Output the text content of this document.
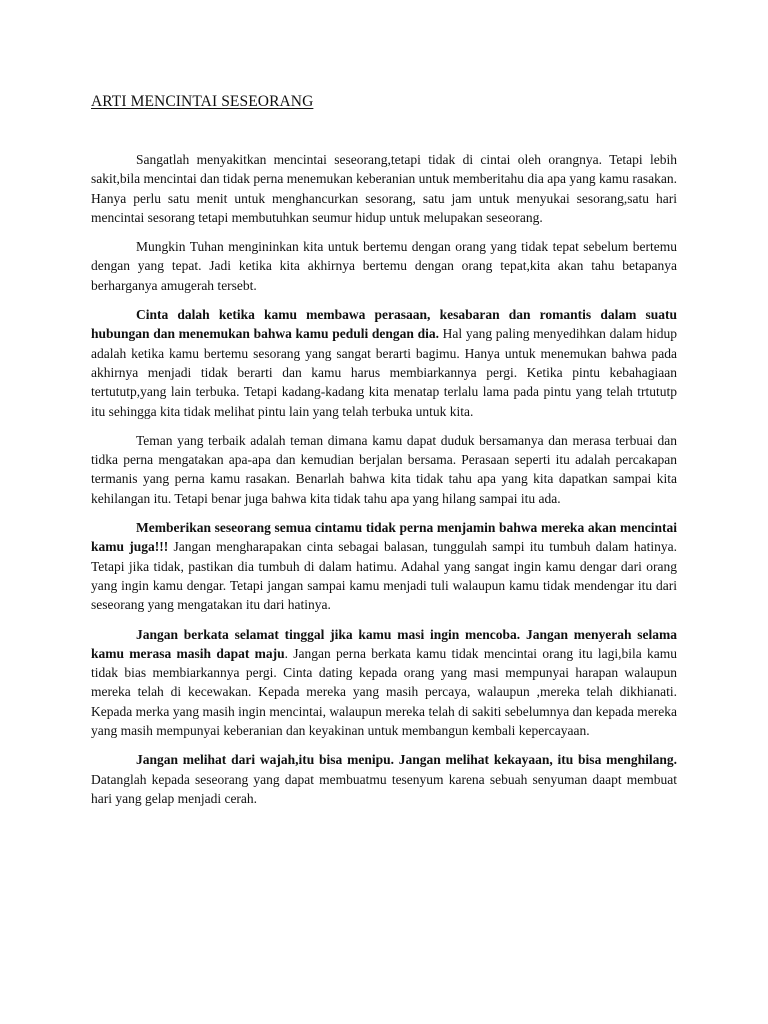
ARTI MENCINTAI SESEORANG

Sangatlah menyakitkan mencintai seseorang,tetapi tidak di cintai oleh orangnya. Tetapi lebih sakit,bila mencintai dan tidak perna menemukan keberanian untuk memberitahu dia apa yang kamu rasakan. Hanya perlu satu menit untuk menghancurkan sesorang, satu jam untuk menyukai sesorang,satu hari mencintai sesorang tetapi membutuhkan seumur hidup untuk melupakan seseorang.

Mungkin Tuhan mengininkan kita untuk bertemu dengan orang yang tidak tepat sebelum bertemu dengan yang tepat. Jadi ketika kita akhirnya bertemu dengan orang tepat,kita akan tahu betapanya berharganya amugerah tersebt.

Cinta dalah ketika kamu membawa perasaan, kesabaran dan romantis dalam suatu hubungan dan menemukan bahwa kamu peduli dengan dia. Hal yang paling menyedihkan dalam hidup adalah ketika kamu bertemu sesorang yang sangat berarti bagimu. Hanya untuk menemukan bahwa pada akhirnya menjadi tidak berarti dan kamu harus membiarkannya pergi. Ketika pintu kebahagiaan tertututp,yang lain terbuka. Tetapi kadang-kadang kita menatap terlalu lama pada pintu yang telah trtututp itu sehingga kita tidak melihat pintu lain yang telah terbuka untuk kita.

Teman yang terbaik adalah teman dimana kamu dapat duduk bersamanya dan merasa terbuai dan tidka perna mengatakan apa-apa dan kemudian berjalan bersama. Perasaan seperti itu adalah percakapan termanis yang perna kamu rasakan. Benarlah bahwa kita tidak tahu apa yang kita dapatkan sampai kita kehilangan itu. Tetapi benar juga bahwa kita tidak tahu apa yang hilang sampai itu ada.

Memberikan seseorang semua cintamu tidak perna menjamin bahwa mereka akan mencintai kamu juga!!! Jangan mengharapakan cinta sebagai balasan, tunggulah sampi itu tumbuh dalam hatinya. Tetapi jika tidak, pastikan dia tumbuh di dalam hatimu. Adahal yang sangat ingin kamu dengar dari orang yang ingin kamu dengar. Tetapi jangan sampai kamu menjadi tuli walaupun kamu tidak mendengar itu dari seseorang yang mengatakan itu dari hatinya.

Jangan berkata selamat tinggal jika kamu masi ingin mencoba. Jangan menyerah selama kamu merasa masih dapat maju. Jangan perna berkata kamu tidak mencintai orang itu lagi,bila kamu tidak bias membiarkannya pergi. Cinta dating kepada orang yang masi mempunyai harapan walaupun mereka telah di kecewakan. Kepada mereka yang masih percaya, walaupun ,mereka telah dikhianati. Kepada merka yang masih ingin mencintai, walaupun mereka telah di sakiti sebelumnya dan kepada mereka yang masih mempunyai keberanian dan keyakinan untuk membangun kembali kepercayaan.

Jangan melihat dari wajah,itu bisa menipu. Jangan melihat kekayaan, itu bisa menghilang. Datanglah kepada seseorang yang dapat membuatmu tesenyum karena sebuah senyuman daapt membuat hari yang gelap menjadi cerah.
